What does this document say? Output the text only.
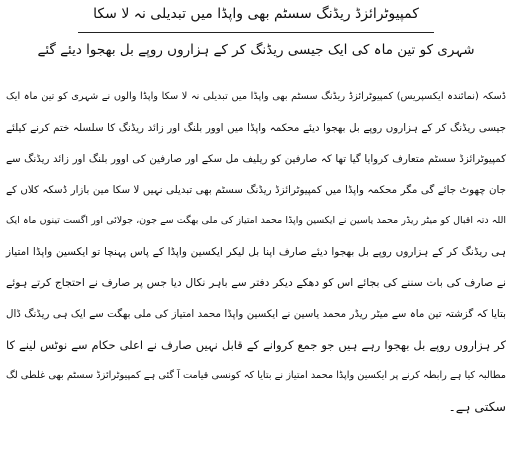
کمپیوٹرائزڈ ریڈنگ سسٹم بھی واپڈا میں تبدیلی نہ لا سکا
شہری کو تین ماہ کی ایک جیسی ریڈنگ کر کے ہزاروں روپے بل بھجوا دیئے گئے
ڈسکہ (نمائندہ ایکسپریس) کمپیوٹرائزڈ ریڈنگ سسٹم بھی واپڈا میں تبدیلی نہ لا سکا واپڈا والوں نے شہری کو تین ماہ ایک
جیسی ریڈنگ کر کے ہزاروں روپے بل بھجوا دیئے محکمہ واپڈا میں اوور بلنگ اور زائد ریڈنگ کا سلسلہ ختم کرنے کیلئے
کمپیوٹرائزڈ سسٹم متعارف کروایا گیا تھا کہ صارفین کو ریلیف مل سکے اور صارفین کی اوور بلنگ اور زائد ریڈنگ سے
جان چھوٹ جائے گی مگر محکمہ واپڈا میں کمپیوٹرائزڈ ریڈنگ سسٹم بھی تبدیلی نہیں لا سکا مین بازار ڈسکہ کلاں کے
اللہ دتہ اقبال کو میٹر ریڈر محمد یاسین نے ایکسین واپڈا محمد امتیاز کی ملی بھگت سے جون، جولائی اور اگست تینوں ماہ ایک
ہی ریڈنگ کر کے ہزاروں روپے بل بھجوا دیئے صارف اپنا بل لیکر ایکسین واپڈا کے پاس پہنچا تو ایکسین واپڈا امتیاز
نے صارف کی بات سننے کی بجائے اس کو دھکے دیکر دفتر سے باہر نکال دیا جس پر صارف نے احتجاج کرتے ہوئے
بتایا کہ گزشتہ تین ماہ سے میٹر ریڈر محمد یاسین نے ایکسین واپڈا محمد امتیاز کی ملی بھگت سے ایک ہی ریڈنگ ڈال
کر ہزاروں روپے بل بھجوا رہے ہیں جو جمع کروانے کے قابل نہیں صارف نے اعلی حکام سے نوٹس لینے کا
مطالبہ کیا ہے رابطہ کرنے پر ایکسین واپڈا محمد امتیاز نے بتایا کہ کونسی قیامت آ گئی ہے کمپیوٹرائزڈ سسٹم بھی غلطی لگ
سکتی ہے۔
